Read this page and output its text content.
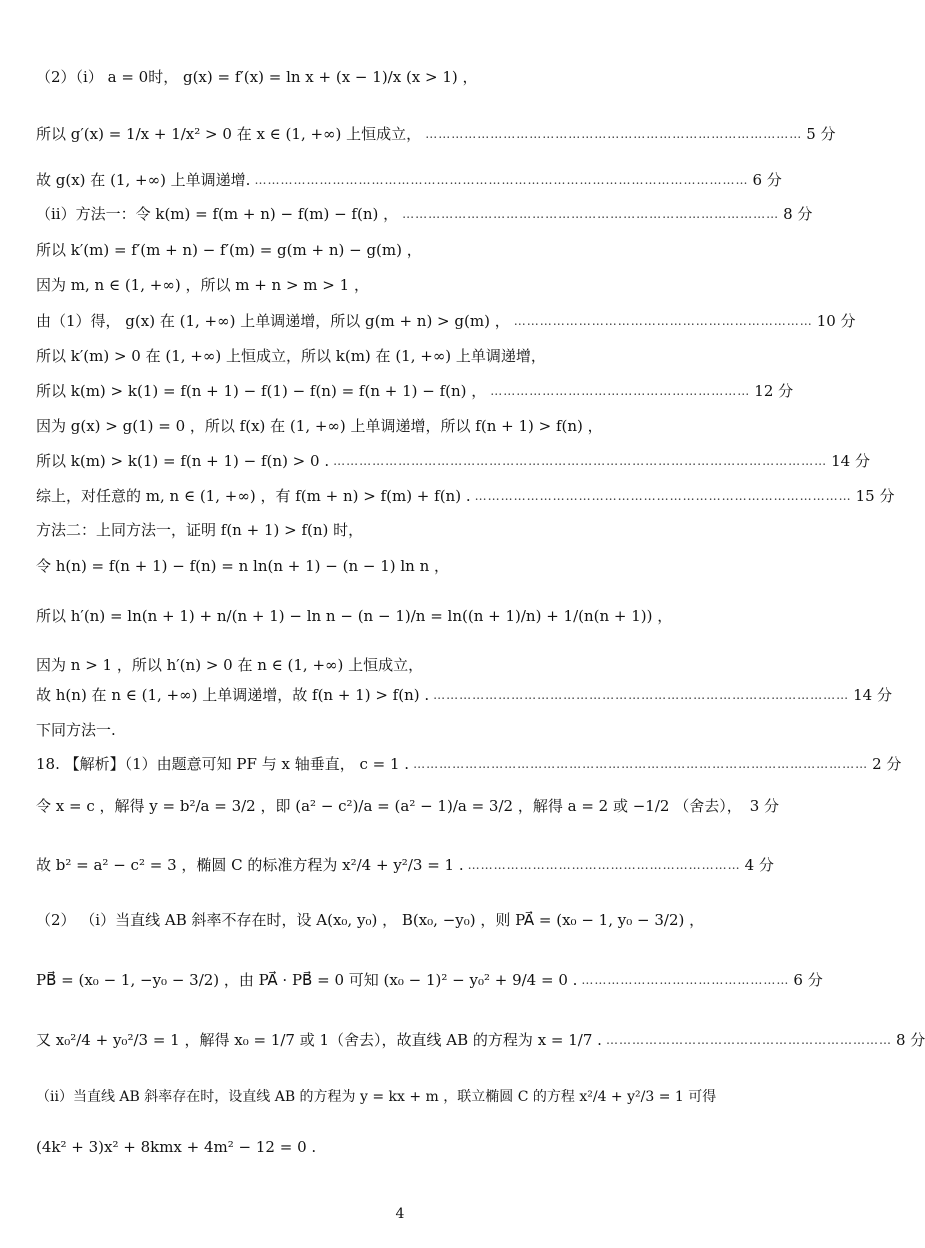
（2）（i） a = 0时， g(x) = f′(x) = ln x + (x − 1)/x (x > 1) ，
所以 g′(x) = 1/x + 1/x² > 0 在 x ∈ (1, +∞) 上恒成立， …………………………………………………………………………… 5 分
故 g(x) 在 (1, +∞) 上单调递增. …………………………………………………………………………………………………… 6 分
（ii）方法一：令 k(m) = f(m + n) − f(m) − f(n) ， …………………………………………………………………………… 8 分
所以 k′(m) = f′(m + n) − f′(m) = g(m + n) − g(m) ，
因为 m, n ∈ (1, +∞) ，所以 m + n > m > 1 ，
由（1）得， g(x) 在 (1, +∞) 上单调递增，所以 g(m + n) > g(m) ， …………………………………………………………… 10 分
所以 k′(m) > 0 在 (1, +∞) 上恒成立，所以 k(m) 在 (1, +∞) 上单调递增，
所以 k(m) > k(1) = f(n + 1) − f(1) − f(n) = f(n + 1) − f(n) ， …………………………………………………… 12 分
因为 g(x) > g(1) = 0 ，所以 f(x) 在 (1, +∞) 上单调递增，所以 f(n + 1) > f(n) ，
所以 k(m) > k(1) = f(n + 1) − f(n) > 0 . …………………………………………………………………………………………………… 14 分
综上，对任意的 m, n ∈ (1, +∞) ，有 f(m + n) > f(m) + f(n) . …………………………………………………………………………… 15 分
方法二：上同方法一，证明 f(n + 1) > f(n) 时，
令 h(n) = f(n + 1) − f(n) = n ln(n + 1) − (n − 1) ln n ，
所以 h′(n) = ln(n + 1) + n/(n + 1) − ln n − (n − 1)/n = ln((n + 1)/n) + 1/(n(n + 1)) ，
因为 n > 1 ，所以 h′(n) > 0 在 n ∈ (1, +∞) 上恒成立，
故 h(n) 在 n ∈ (1, +∞) 上单调递增，故 f(n + 1) > f(n) . …………………………………………………………………………………… 14 分
下同方法一.
18. 【解析】（1）由题意可知 PF 与 x 轴垂直， c = 1 . …………………………………………………………………………………………… 2 分
令 x = c ，解得 y = b²/a = 3/2 ，即 (a² − c²)/a = (a² − 1)/a = 3/2 ，解得 a = 2 或 −1/2 （舍去）， 3 分
故 b² = a² − c² = 3 ，椭圆 C 的标准方程为 x²/4 + y²/3 = 1 . ……………………………………………………… 4 分
（2） （i）当直线 AB 斜率不存在时，设 A(x₀, y₀) ， B(x₀, −y₀) ，则 PA⃗ = (x₀ − 1, y₀ − 3/2) ，
PB⃗ = (x₀ − 1, −y₀ − 3/2) ，由 PA⃗ · PB⃗ = 0 可知 (x₀ − 1)² − y₀² + 9/4 = 0 . ………………………………………… 6 分
又 x₀²/4 + y₀²/3 = 1 ，解得 x₀ = 1/7 或 1（舍去），故直线 AB 的方程为 x = 1/7 . ………………………………………………………… 8 分
（ii）当直线 AB 斜率存在时，设直线 AB 的方程为 y = kx + m ，联立椭圆 C 的方程 x²/4 + y²/3 = 1 可得
(4k² + 3)x² + 8kmx + 4m² − 12 = 0 .
4
